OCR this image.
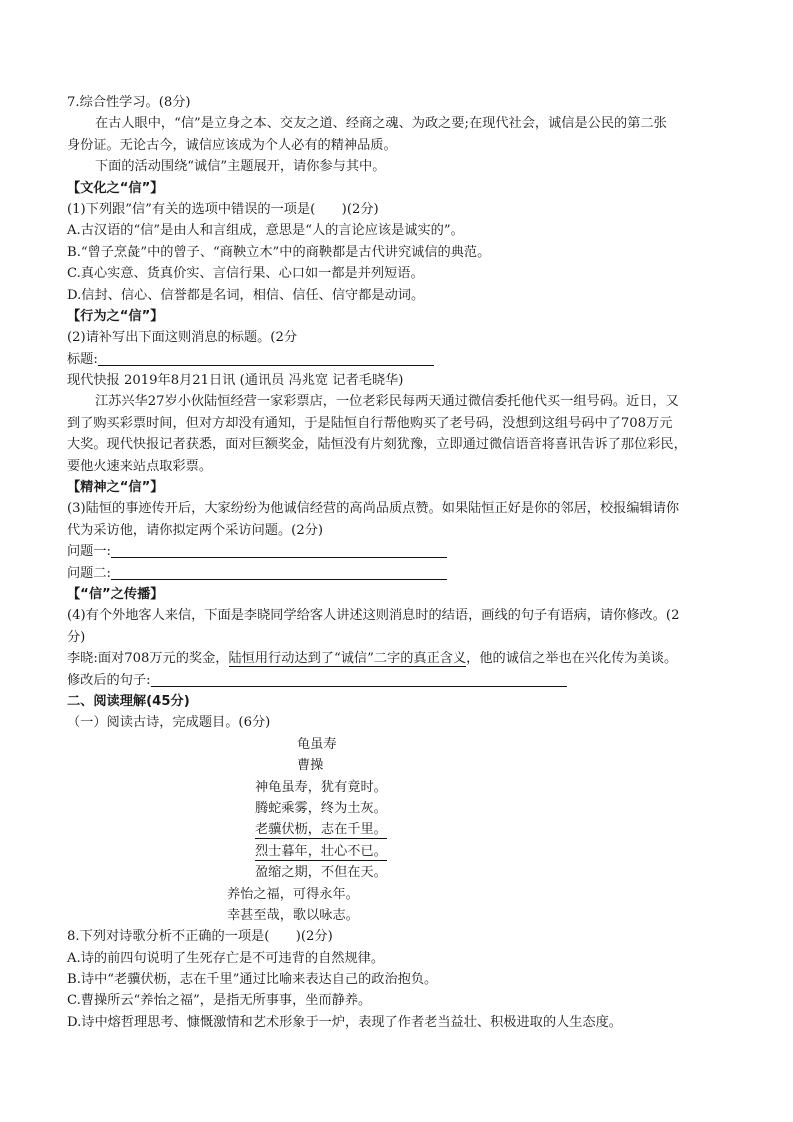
7.综合性学习。(8分)
在古人眼中，“信”是立身之本、交友之道、经商之魂、为政之要;在现代社会，诚信是公民的第二张
身份证。无论古今，诚信应该成为个人必有的精神品质。
下面的活动围绕“诚信”主题展开，请你参与其中。
【文化之“信”】
(1)下列跟”信”有关的选项中错误的一项是(　　)(2分)
A.古汉语的“信”是由人和言组成，意思是“人的言论应该是诚实的”。
B.“曾子烹彘”中的曾子、“商鞅立木”中的商鞅都是古代讲究诚信的典范。
C.真心实意、货真价实、言信行果、心口如一都是并列短语。
D.信封、信心、信誉都是名词，相信、信任、信守都是动词。
【行为之“信”】
(2)请补写出下面这则消息的标题。(2分
标题:
现代快报 2019年8月21日讯 (通讯员 冯兆宽 记者毛晓华)
江苏兴华27岁小伙陆恒经营一家彩票店，一位老彩民每两天通过微信委托他代买一组号码。近日，又
到了购买彩票时间，但对方却没有通知，于是陆恒自行帮他购买了老号码，没想到这组号码中了708万元
大奖。现代快报记者获悉，面对巨额奖金，陆恒没有片刻犹豫，立即通过微信语音将喜讯告诉了那位彩民，
要他火速来站点取彩票。
【精神之“信”】
(3)陆恒的事迹传开后，大家纷纷为他诚信经营的高尚品质点赞。如果陆恒正好是你的邻居，校报编辑请你
代为采访他，请你拟定两个采访问题。(2分)
问题一:
问题二:
【“信”之传播】
(4)有个外地客人来信，下面是李晓同学给客人讲述这则消息时的结语，画线的句子有语病，请你修改。(2
分)
李晓:面对708万元的奖金，陆恒用行动达到了“诚信”二字的真正含义，他的诚信之举也在兴化传为美谈。
修改后的句子:
二、阅读理解(45分)
（一）阅读古诗，完成题目。(6分)
龟虽寿
曹操
神龟虽寿，犹有竟时。
腾蛇乘雾，终为土灰。
老骥伏枥，志在千里。
烈士暮年，壮心不已。
盈缩之期，不但在天。
养怡之福，可得永年。
幸甚至哉，歌以咏志。
8.下列对诗歌分析不正确的一项是(　　)(2分)
A.诗的前四句说明了生死存亡是不可违背的自然规律。
B.诗中“老骥伏枥，志在千里”通过比喻来表达自己的政治抱负。
C.曹操所云“养怡之福”，是指无所事事，坐而静养。
D.诗中熔哲理思考、慷慨激情和艺术形象于一炉，表现了作者老当益壮、积极进取的人生态度。
